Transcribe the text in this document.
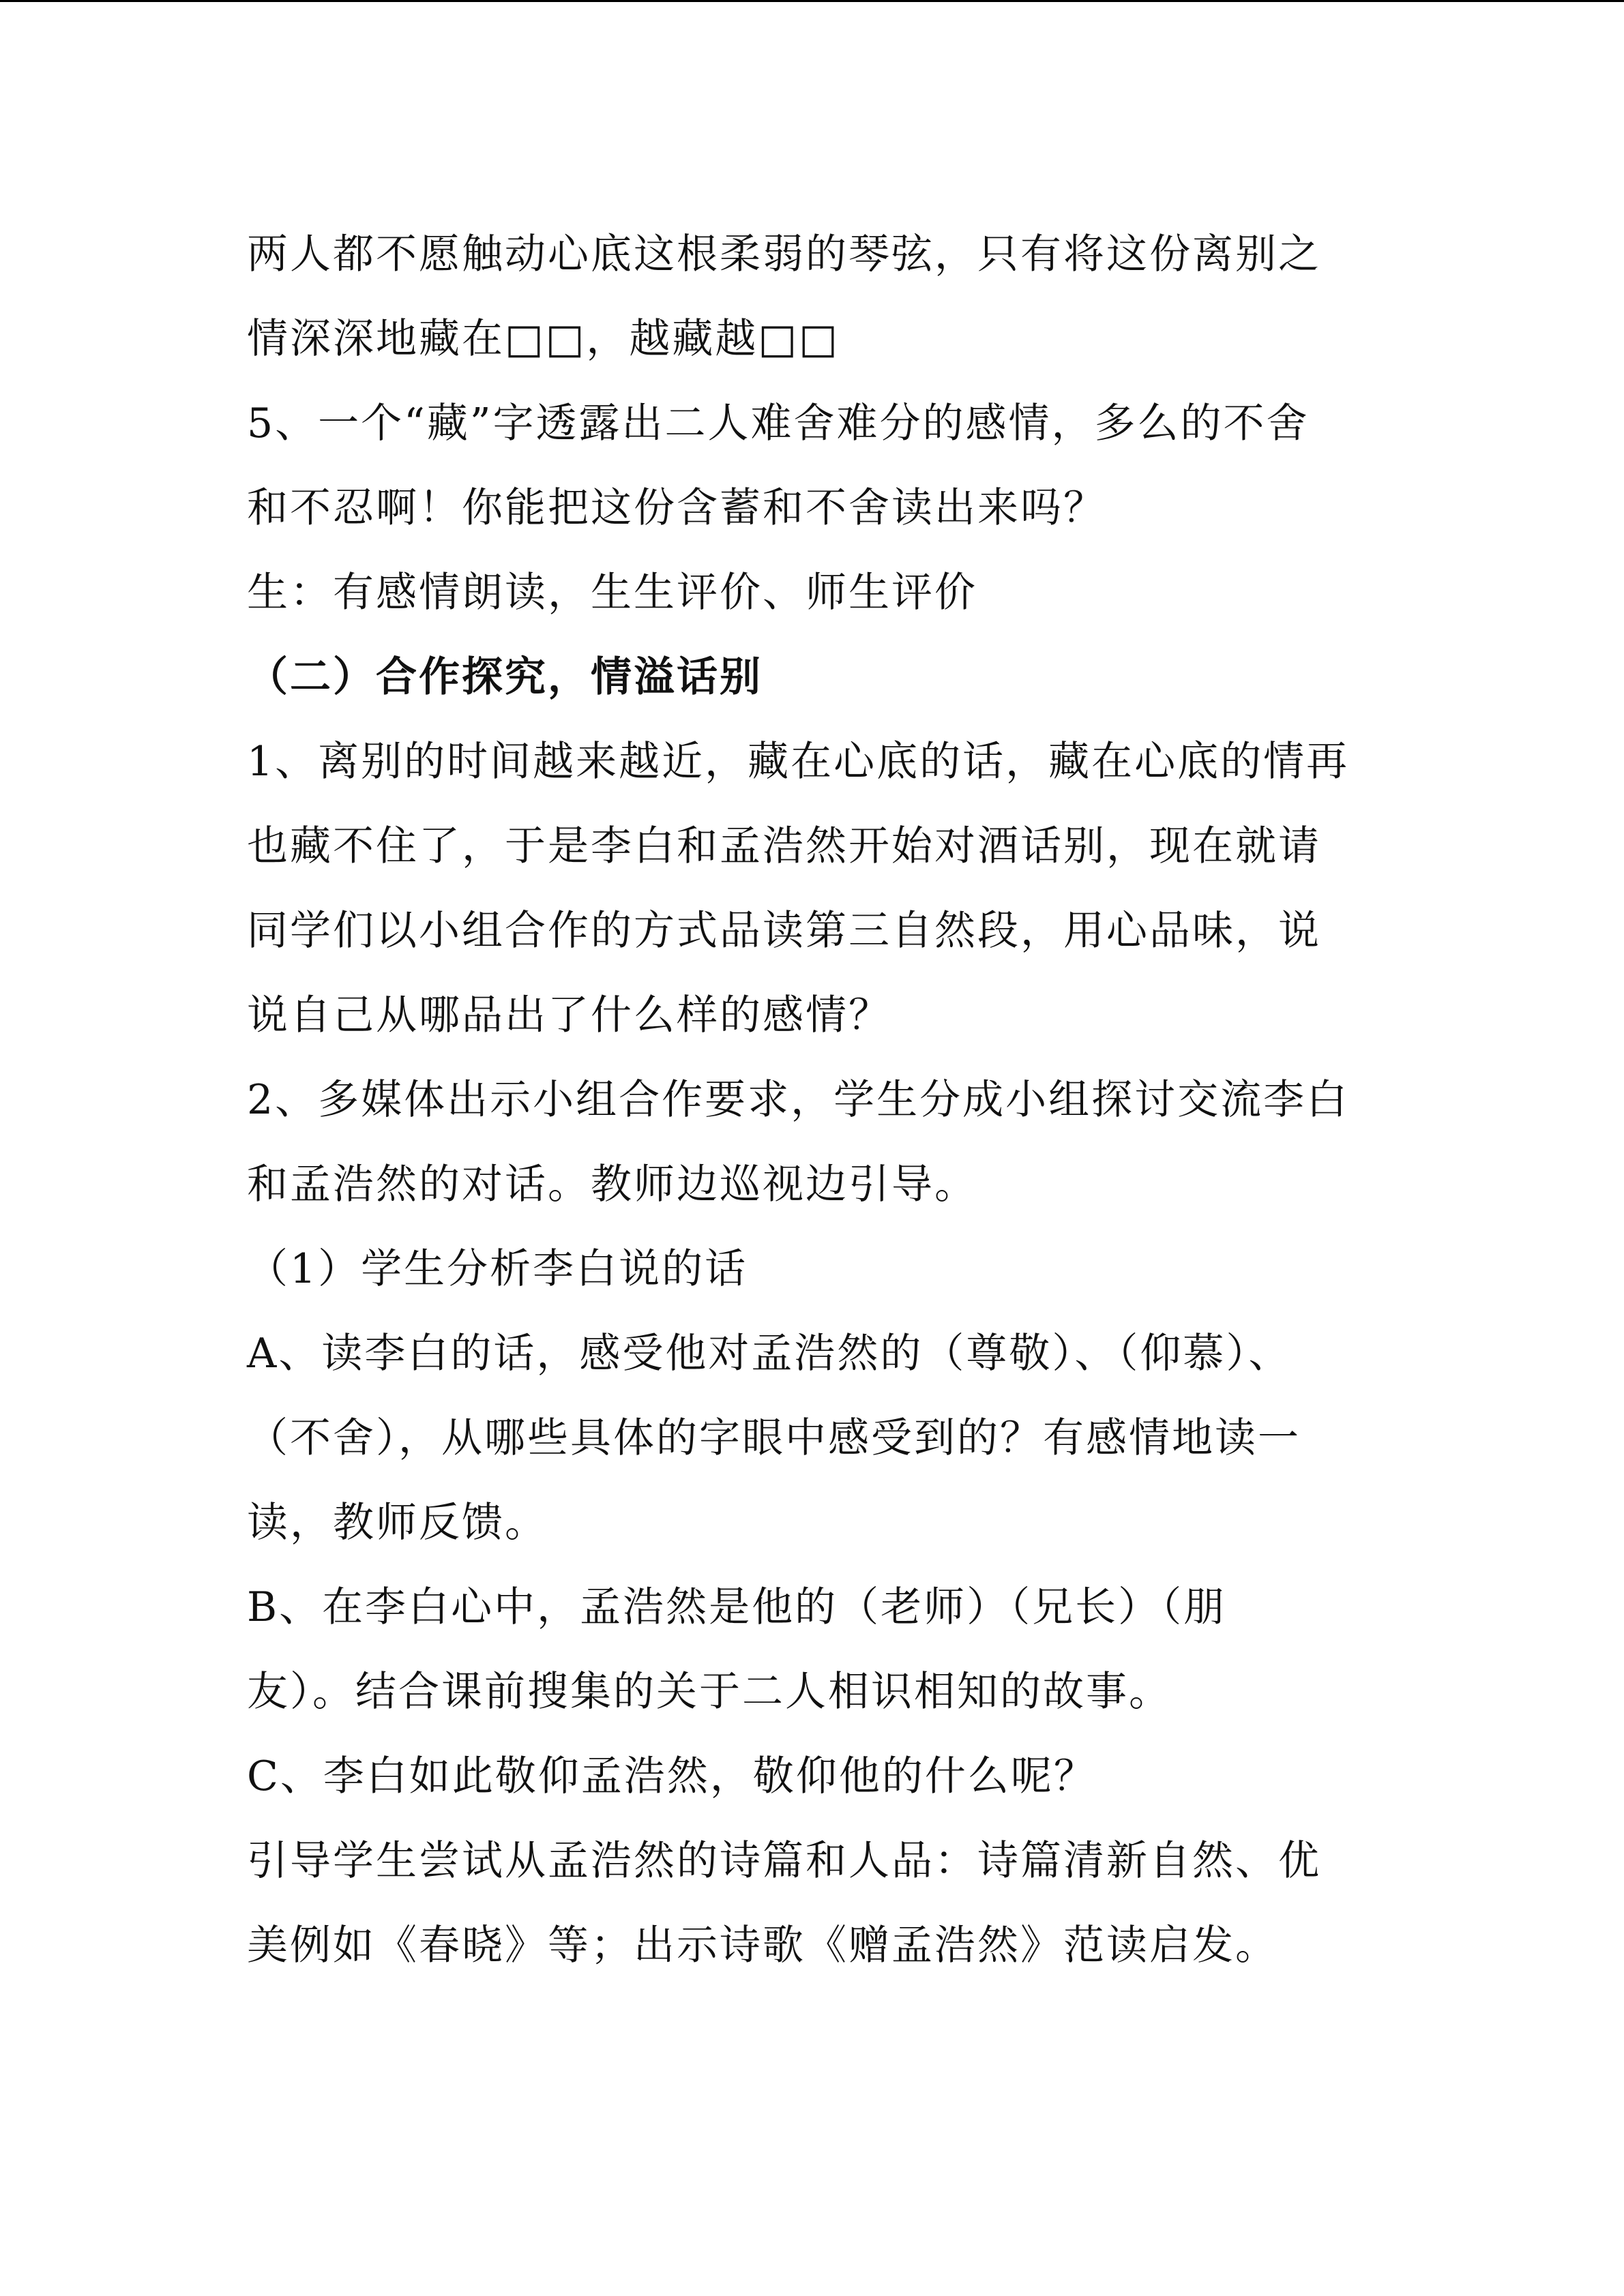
两人都不愿触动心底这根柔弱的琴弦，只有将这份离别之
情深深地藏在□□，越藏越□□
5、一个“藏”字透露出二人难舍难分的感情，多么的不舍
和不忍啊！你能把这份含蓄和不舍读出来吗？
生：有感情朗读，生生评价、师生评价
（二）合作探究，情溢话别
1、离别的时间越来越近，藏在心底的话，藏在心底的情再
也藏不住了，于是李白和孟浩然开始对酒话别，现在就请
同学们以小组合作的方式品读第三自然段，用心品味，说
说自己从哪品出了什么样的感情？
2、多媒体出示小组合作要求，学生分成小组探讨交流李白
和孟浩然的对话。教师边巡视边引导。
（1）学生分析李白说的话
A、读李白的话，感受他对孟浩然的（尊敬）、（仰慕）、
（不舍），从哪些具体的字眼中感受到的？有感情地读一
读，教师反馈。
B、在李白心中，孟浩然是他的（老师）（兄长）（朋
友）。结合课前搜集的关于二人相识相知的故事。
C、李白如此敬仰孟浩然，敬仰他的什么呢？
引导学生尝试从孟浩然的诗篇和人品：诗篇清新自然、优
美例如《春晓》等；出示诗歌《赠孟浩然》范读启发。
